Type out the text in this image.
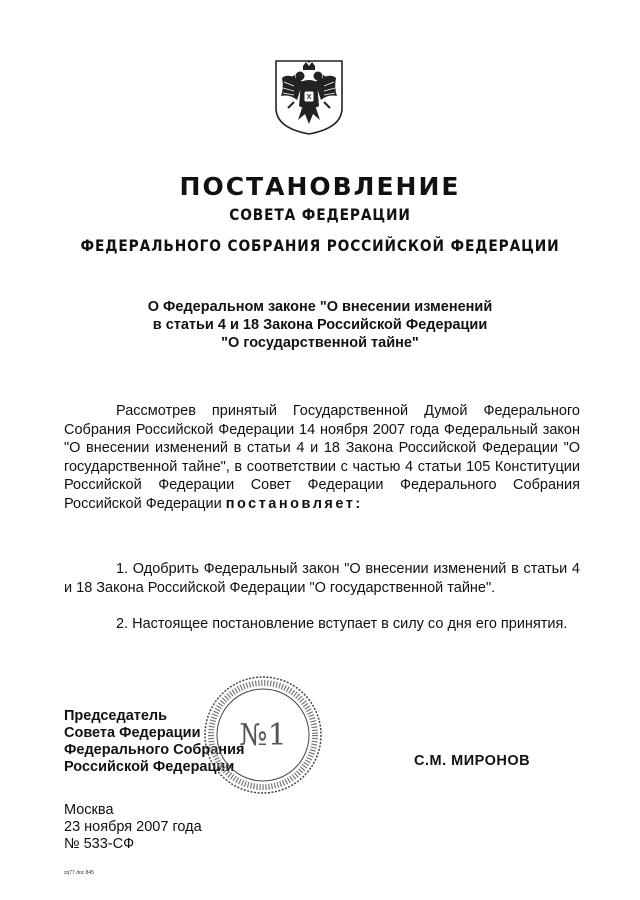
ПОСТАНОВЛЕНИЕ
СОВЕТА ФЕДЕРАЦИИ
ФЕДЕРАЛЬНОГО СОБРАНИЯ РОССИЙСКОЙ ФЕДЕРАЦИИ
О Федеральном законе "О внесении изменений
в статьи 4 и 18 Закона Российской Федерации
"О государственной тайне"
Рассмотрев принятый Государственной Думой Федерального Собрания Российской Федерации 14 ноября 2007 года Федеральный закон "О внесении изменений в статьи 4 и 18 Закона Российской Федерации "О государственной тайне", в соответствии с частью 4 статьи 105 Конституции Российской Федерации Совет Федерации Федерального Собрания Российской Федерации постановляет:
1. Одобрить Федеральный закон "О внесении изменений в статьи 4 и 18 Закона Российской Федерации "О государственной тайне".
2. Настоящее постановление вступает в силу со дня его принятия.
Председатель
Совета Федерации
Федерального Собрания
Российской Федерации
№1
С.М. МИРОНОВ
Москва
23 ноября 2007 года
№ 533-СФ
zq77 doc 845
